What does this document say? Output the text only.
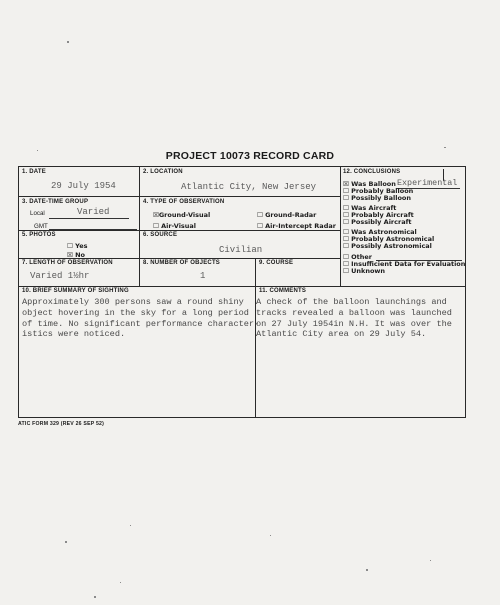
PROJECT 10073 RECORD CARD
1. DATE
29 July 1954
2. LOCATION
Atlantic City, New Jersey
3. DATE-TIME GROUP
Local	Varied
GMT
4. TYPE OF OBSERVATION
☒Ground-Visual	☐ Ground-Radar
☐ Air-Visual	☐ Air-Intercept Radar
5. PHOTOS
☐ Yes
☒ No
6. SOURCE
Civilian
7. LENGTH OF OBSERVATION
Varied 1½hr
8. NUMBER OF OBJECTS
1
9. COURSE
12. CONCLUSIONS
☒ Was Balloon Experimental
☐ Probably Balloon
☐ Possibly Balloon
☐ Was Aircraft
☐ Probably Aircraft
☐ Possibly Aircraft
☐ Was Astronomical
☐ Probably Astronomical
☐ Possibly Astronomical
☐ Other
☐ Insufficient Data for Evaluation
☐ Unknown
10. BRIEF SUMMARY OF SIGHTING
Approximately 300 persons saw a round shiny
object hovering in the sky for a long period
of time. No significant performance character-
istics were noticed.
11. COMMENTS
A check of the balloon launchings and
tracks revealed a balloon was launched
on 27 July 1954in N.H. It was over the
Atlantic City area on 29 July 54.
ATIC FORM 329 (REV 26 SEP 52)
